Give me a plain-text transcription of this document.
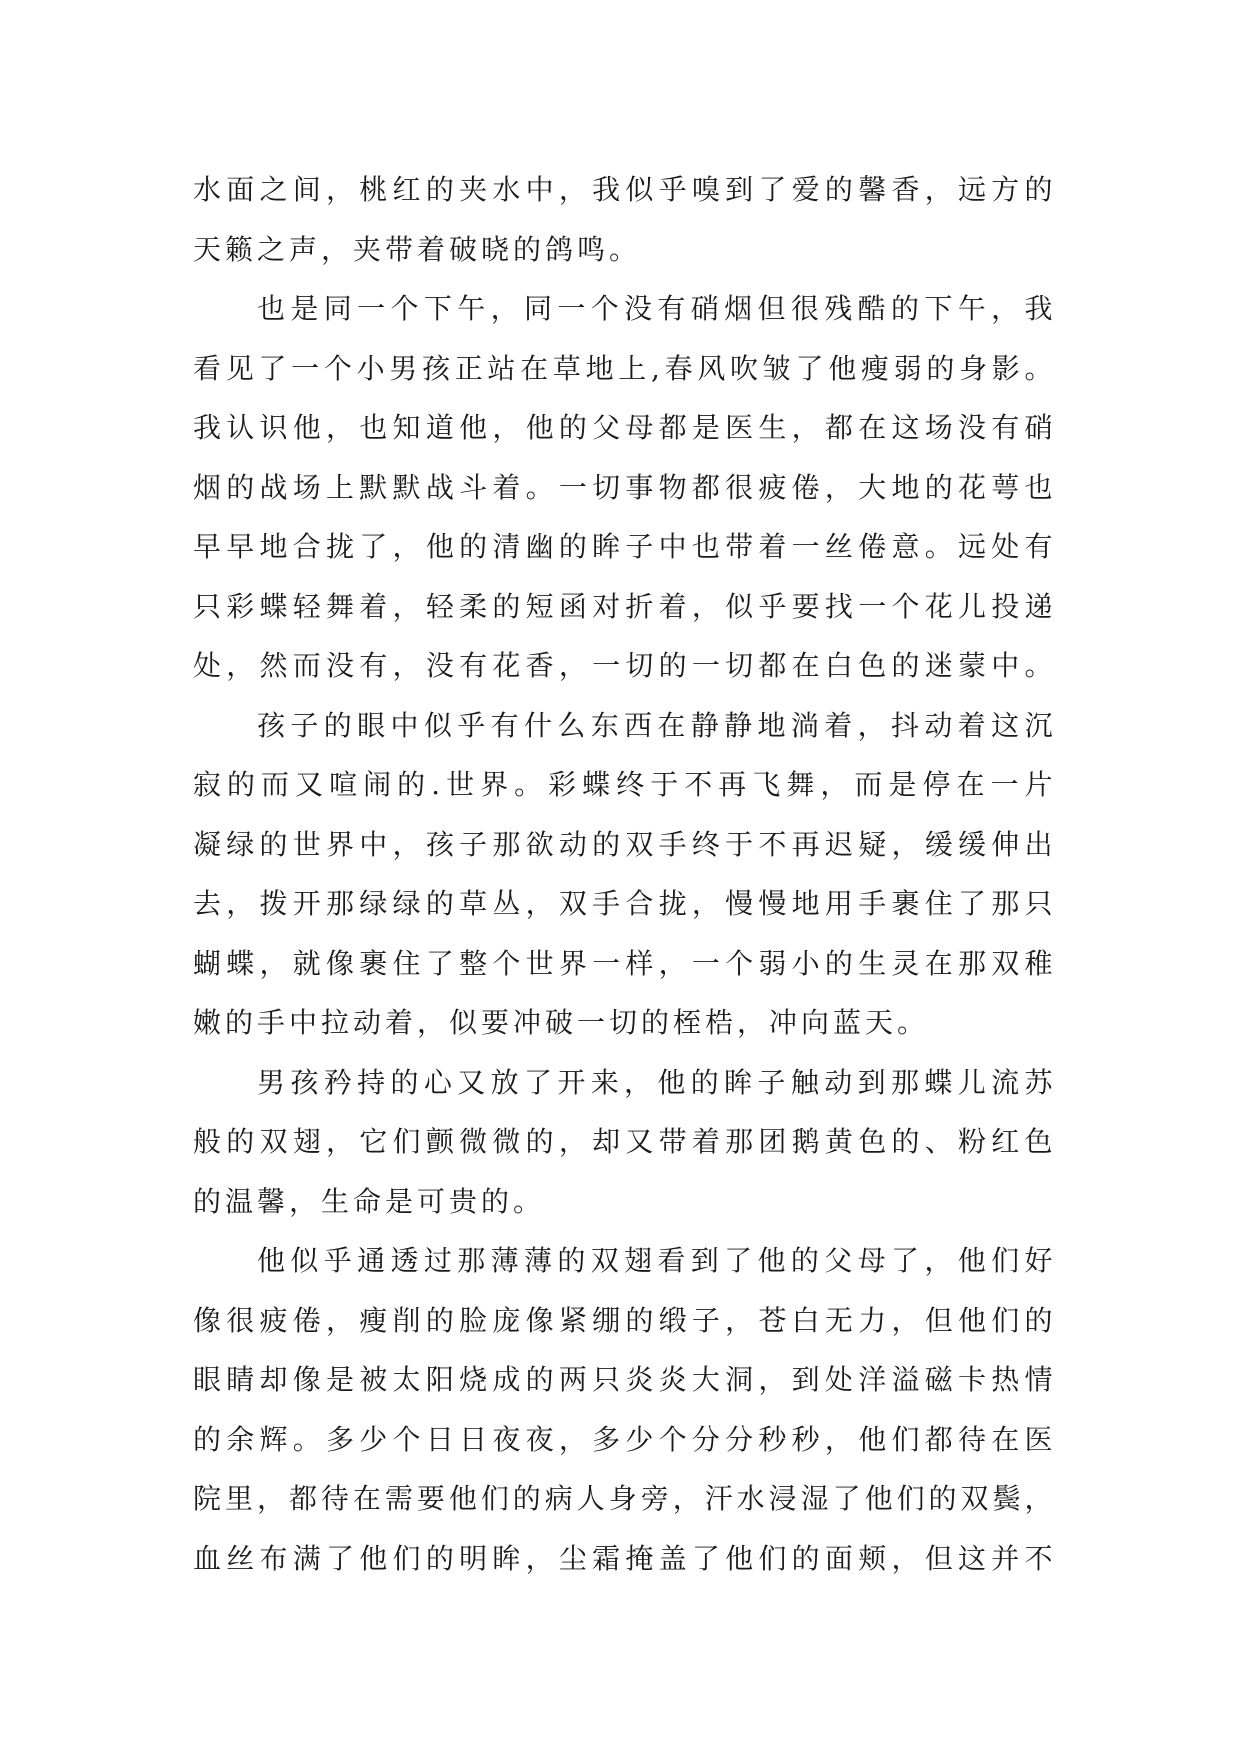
水面之间，桃红的夹水中，我似乎嗅到了爱的馨香，远方的
天籁之声，夹带着破晓的鸽鸣。
也是同一个下午，同一个没有硝烟但很残酷的下午，我
看见了一个小男孩正站在草地上,春风吹皱了他瘦弱的身影。
我认识他，也知道他，他的父母都是医生，都在这场没有硝
烟的战场上默默战斗着。一切事物都很疲倦，大地的花萼也
早早地合拢了，他的清幽的眸子中也带着一丝倦意。远处有
只彩蝶轻舞着，轻柔的短函对折着，似乎要找一个花儿投递
处，然而没有，没有花香，一切的一切都在白色的迷蒙中。
孩子的眼中似乎有什么东西在静静地淌着，抖动着这沉
寂的而又喧闹的.世界。彩蝶终于不再飞舞，而是停在一片
凝绿的世界中，孩子那欲动的双手终于不再迟疑，缓缓伸出
去，拨开那绿绿的草丛，双手合拢，慢慢地用手裹住了那只
蝴蝶，就像裹住了整个世界一样，一个弱小的生灵在那双稚
嫩的手中拉动着，似要冲破一切的桎梏，冲向蓝天。
男孩矜持的心又放了开来，他的眸子触动到那蝶儿流苏
般的双翅，它们颤微微的，却又带着那团鹅黄色的、粉红色
的温馨，生命是可贵的。
他似乎通透过那薄薄的双翅看到了他的父母了，他们好
像很疲倦，瘦削的脸庞像紧绷的缎子，苍白无力，但他们的
眼睛却像是被太阳烧成的两只炎炎大洞，到处洋溢磁卡热情
的余辉。多少个日日夜夜，多少个分分秒秒，他们都待在医
院里，都待在需要他们的病人身旁，汗水浸湿了他们的双鬓，
血丝布满了他们的明眸，尘霜掩盖了他们的面颊，但这并不
